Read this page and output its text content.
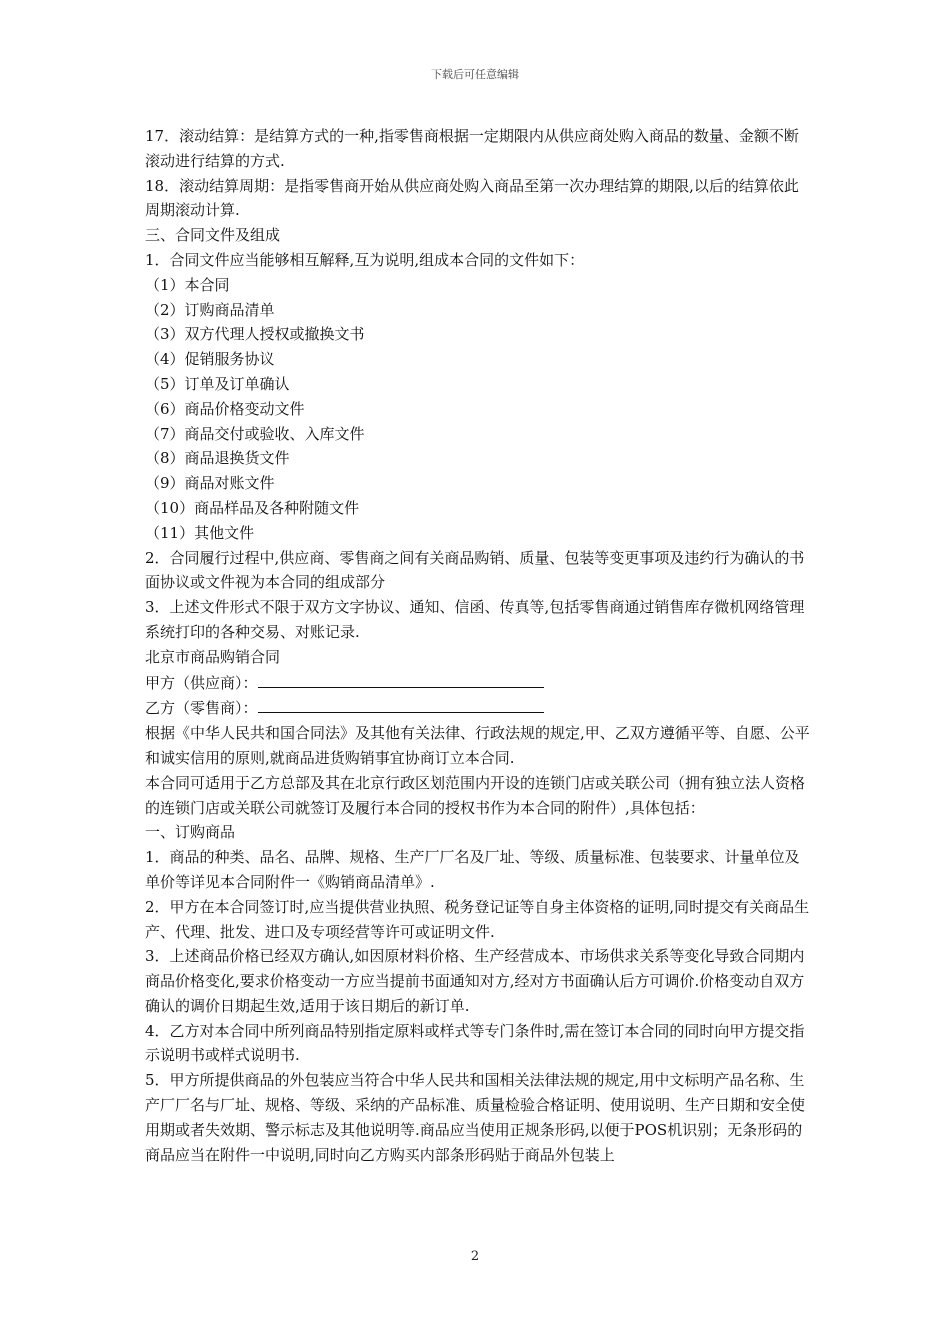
下载后可任意编辑

17．滚动结算：是结算方式的一种,指零售商根据一定期限内从供应商处购入商品的数量、金额不断滚动进行结算的方式.

18．滚动结算周期：是指零售商开始从供应商处购入商品至第一次办理结算的期限,以后的结算依此周期滚动计算.

三、合同文件及组成

1．合同文件应当能够相互解释,互为说明,组成本合同的文件如下：

（1）本合同

（2）订购商品清单

（3）双方代理人授权或撤换文书

（4）促销服务协议

（5）订单及订单确认

（6）商品价格变动文件

（7）商品交付或验收、入库文件

（8）商品退换货文件

（9）商品对账文件

（10）商品样品及各种附随文件

（11）其他文件

2．合同履行过程中,供应商、零售商之间有关商品购销、质量、包装等变更事项及违约行为确认的书面协议或文件视为本合同的组成部分

3．上述文件形式不限于双方文字协议、通知、信函、传真等,包括零售商通过销售库存微机网络管理系统打印的各种交易、对账记录.

北京市商品购销合同

甲方（供应商）：

乙方（零售商）：

根据《中华人民共和国合同法》及其他有关法律、行政法规的规定,甲、乙双方遵循平等、自愿、公平和诚实信用的原则,就商品进货购销事宜协商订立本合同.

本合同可适用于乙方总部及其在北京行政区划范围内开设的连锁门店或关联公司（拥有独立法人资格的连锁门店或关联公司就签订及履行本合同的授权书作为本合同的附件）,具体包括：

一、订购商品

1．商品的种类、品名、品牌、规格、生产厂厂名及厂址、等级、质量标准、包装要求、计量单位及单价等详见本合同附件一《购销商品清单》.

2．甲方在本合同签订时,应当提供营业执照、税务登记证等自身主体资格的证明,同时提交有关商品生产、代理、批发、进口及专项经营等许可或证明文件.

3．上述商品价格已经双方确认,如因原材料价格、生产经营成本、市场供求关系等变化导致合同期内商品价格变化,要求价格变动一方应当提前书面通知对方,经对方书面确认后方可调价.价格变动自双方确认的调价日期起生效,适用于该日期后的新订单.

4．乙方对本合同中所列商品特别指定原料或样式等专门条件时,需在签订本合同的同时向甲方提交指示说明书或样式说明书.

5．甲方所提供商品的外包装应当符合中华人民共和国相关法律法规的规定,用中文标明产品名称、生产厂厂名与厂址、规格、等级、采纳的产品标准、质量检验合格证明、使用说明、生产日期和安全使用期或者失效期、警示标志及其他说明等.商品应当使用正规条形码,以便于POS机识别；无条形码的商品应当在附件一中说明,同时向乙方购买内部条形码贴于商品外包装上

2
